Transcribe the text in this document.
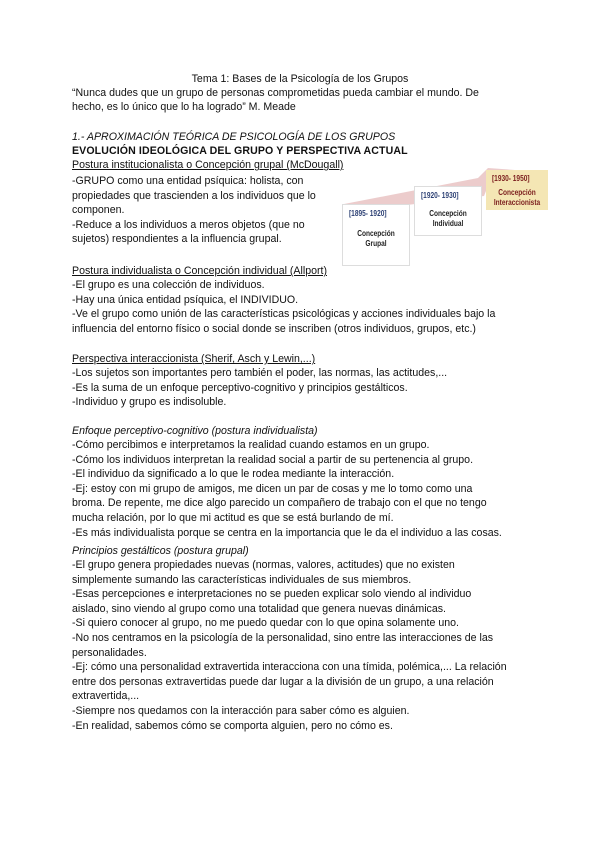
Tema 1: Bases de la Psicología de los Grupos
“Nunca dudes que un grupo de personas comprometidas pueda cambiar el mundo. De
hecho, es lo único que lo ha logrado” M. Meade
1.- APROXIMACIÓN TEÓRICA DE PSICOLOGÍA DE LOS GRUPOS
EVOLUCIÓN IDEOLÓGICA DEL GRUPO Y PERSPECTIVA ACTUAL
Postura institucionalista o Concepción grupal (McDougall)

-GRUPO como una entidad psíquica: holista, con

propiedades que trascienden a los individuos que lo

componen.

-Reduce a los individuos a meros objetos (que no

sujetos) respondientes a la influencia grupal.

[1895- 1920]
Concepción Grupal
[1920- 1930]
Concepción Individual
[1930- 1950]
Concepción Interaccionista
Postura individualista o Concepción individual (Allport)

-El grupo es una colección de individuos.

-Hay una única entidad psíquica, el INDIVIDUO.

-Ve el grupo como unión de las características psicológicas y acciones individuales bajo la

influencia del entorno físico o social donde se inscriben (otros individuos, grupos, etc.)

Perspectiva interaccionista (Sherif, Asch y Lewin,...)

-Los sujetos son importantes pero también el poder, las normas, las actitudes,...

-Es la suma de un enfoque perceptivo-cognitivo y principios gestálticos.

-Individuo y grupo es indisoluble.

Enfoque perceptivo-cognitivo (postura individualista)

-Cómo percibimos e interpretamos la realidad cuando estamos en un grupo.

-Cómo los individuos interpretan la realidad social a partir de su pertenencia al grupo.

-El individuo da significado a lo que le rodea mediante la interacción.

-Ej: estoy con mi grupo de amigos, me dicen un par de cosas y me lo tomo como una

broma. De repente, me dice algo parecido un compañero de trabajo con el que no tengo

mucha relación, por lo que mi actitud es que se está burlando de mí.

-Es más individualista porque se centra en la importancia que le da el individuo a las cosas.

Principios gestálticos (postura grupal)

-El grupo genera propiedades nuevas (normas, valores, actitudes) que no existen

simplemente sumando las características individuales de sus miembros.

-Esas percepciones e interpretaciones no se pueden explicar solo viendo al individuo

aislado, sino viendo al grupo como una totalidad que genera nuevas dinámicas.

-Si quiero conocer al grupo, no me puedo quedar con lo que opina solamente uno.

-No nos centramos en la psicología de la personalidad, sino entre las interacciones de las

personalidades.

-Ej: cómo una personalidad extravertida interacciona con una tímida, polémica,... La relación

entre dos personas extravertidas puede dar lugar a la división de un grupo, a una relación

extravertida,...

-Siempre nos quedamos con la interacción para saber cómo es alguien.

-En realidad, sabemos cómo se comporta alguien, pero no cómo es.
